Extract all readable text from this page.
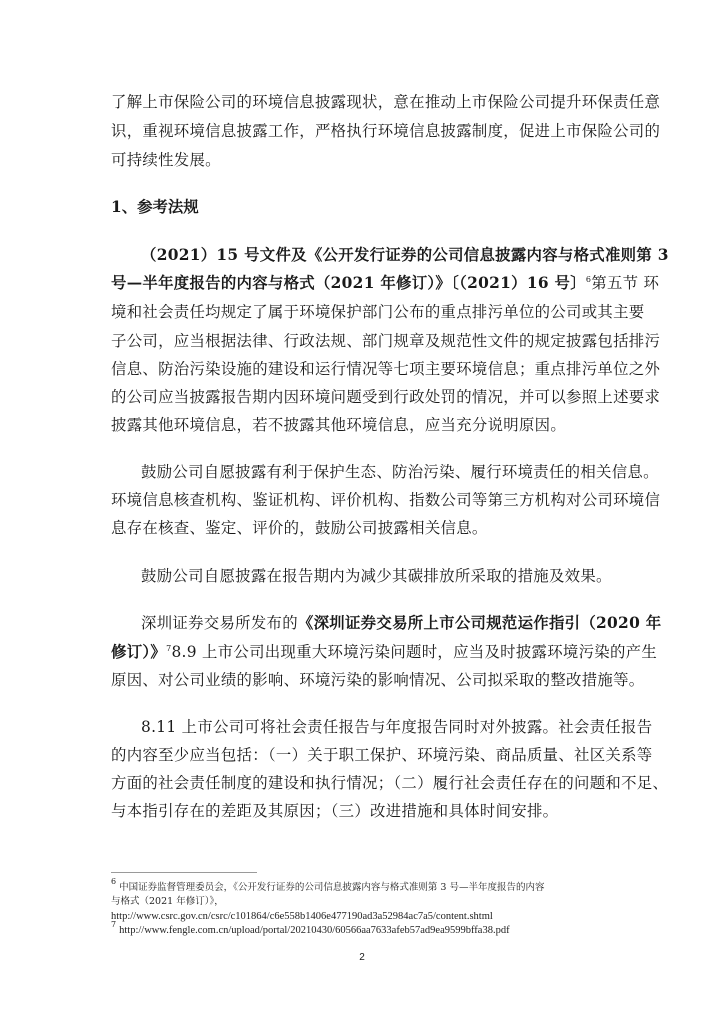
了解上市保险公司的环境信息披露现状，意在推动上市保险公司提升环保责任意
识，重视环境信息披露工作，严格执行环境信息披露制度，促进上市保险公司的
可持续性发展。
1、参考法规
（2021）15 号文件及《公开发行证券的公司信息披露内容与格式准则第 3
号—半年度报告的内容与格式（2021 年修订）》〔（2021）16 号〕$^6$第五节 环
境和社会责任均规定了属于环境保护部门公布的重点排污单位的公司或其主要
子公司，应当根据法律、行政法规、部门规章及规范性文件的规定披露包括排污
信息、防治污染设施的建设和运行情况等七项主要环境信息；重点排污单位之外
的公司应当披露报告期内因环境问题受到行政处罚的情况，并可以参照上述要求
披露其他环境信息，若不披露其他环境信息，应当充分说明原因。
鼓励公司自愿披露有利于保护生态、防治污染、履行环境责任的相关信息。
环境信息核查机构、鉴证机构、评价机构、指数公司等第三方机构对公司环境信
息存在核查、鉴定、评价的，鼓励公司披露相关信息。
鼓励公司自愿披露在报告期内为减少其碳排放所采取的措施及效果。
深圳证券交易所发布的《深圳证券交易所上市公司规范运作指引（2020 年
修订）》$^7$8.9 上市公司出现重大环境污染问题时，应当及时披露环境污染的产生
原因、对公司业绩的影响、环境污染的影响情况、公司拟采取的整改措施等。
8.11 上市公司可将社会责任报告与年度报告同时对外披露。社会责任报告
的内容至少应当包括：（一）关于职工保护、环境污染、商品质量、社区关系等
方面的社会责任制度的建设和执行情况；（二）履行社会责任存在的问题和不足、
与本指引存在的差距及其原因；（三）改进措施和具体时间安排。
$^6$ 中国证券监督管理委员会，《公开发行证券的公司信息披露内容与格式准则第 3 号—半年度报告的内容
与格式（2021 年修订）》，
http://www.csrc.gov.cn/csrc/c101864/c6e558b1406e477190ad3a52984ac7a5/content.shtml
$^7$ http://www.fengle.com.cn/upload/portal/20210430/60566aa7633afeb57ad9ea9599bffa38.pdf
2
